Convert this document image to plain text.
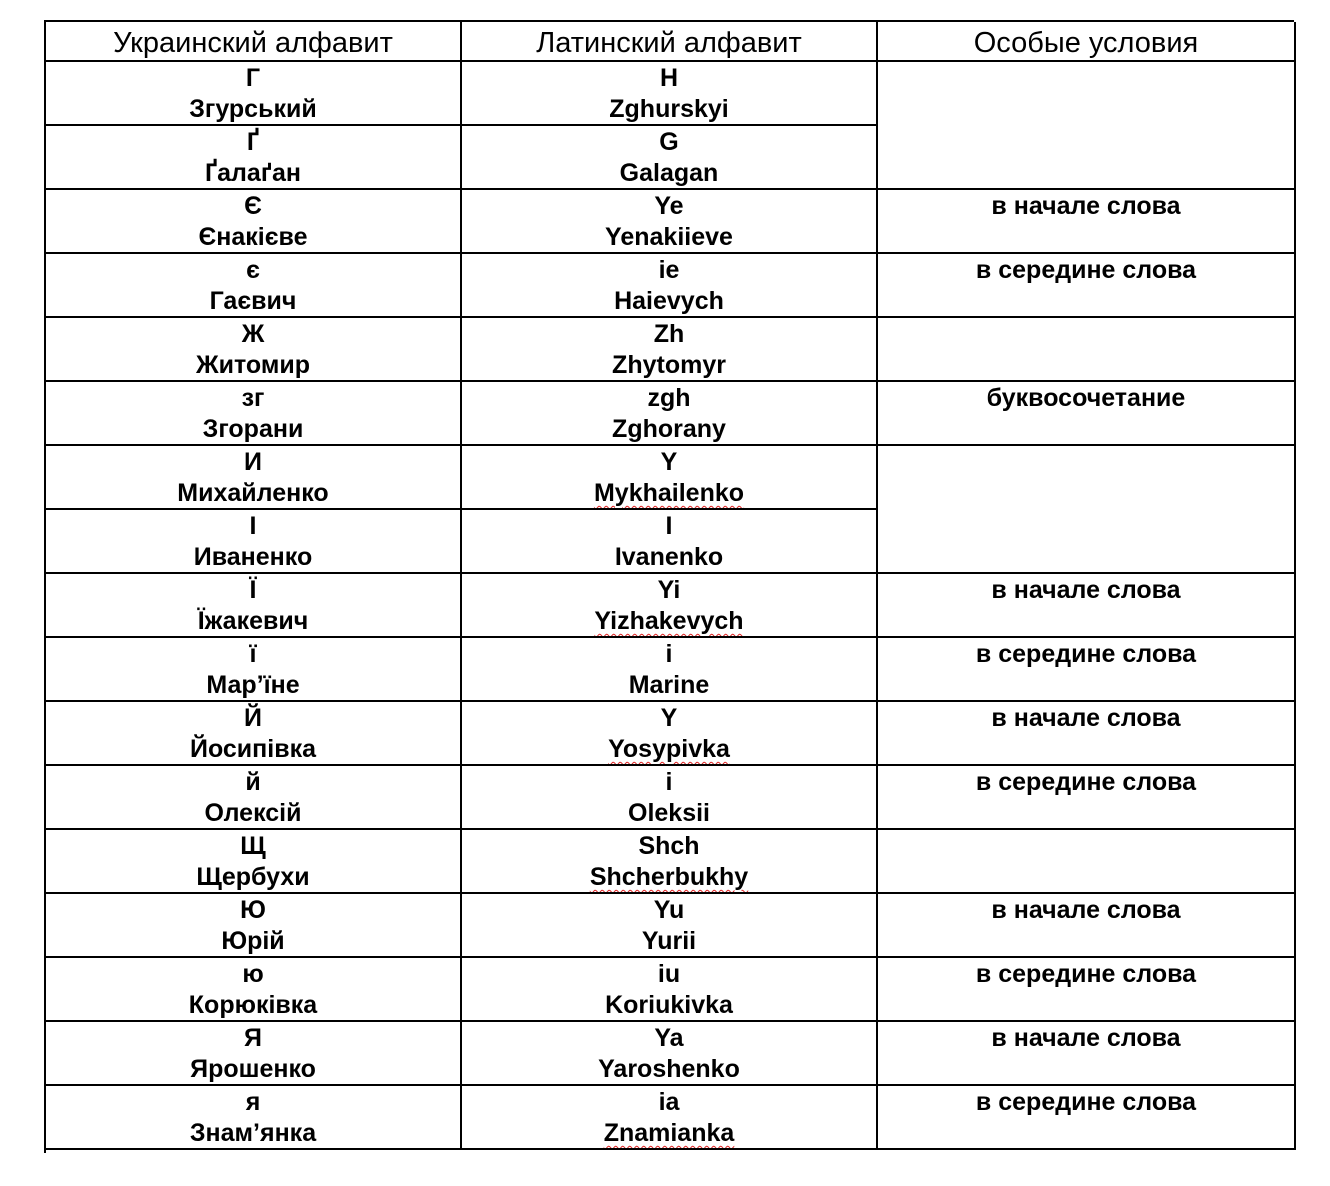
Украинский алфавит	Латинский алфавит	Особые условия
Г
Згурський
H
Zghurskyi
Ґ
Ґалаґан
G
Galagan
Є
Єнакієве
Ye
Yenakiieve
в начале слова
є
Гаєвич
ie
Haievych
в середине слова
Ж
Житомир
Zh
Zhytomyr
зг
Згорани
zgh
Zghorany
буквосочетание
И
Михайленко
Y
Mykhailenko
І
Иваненко
I
Ivanenko
Ї
Їжакевич
Yi
Yizhakevych
в начале слова
ї
Мар’їне
i
Marine
в середине слова
Й
Йосипівка
Y
Yosypivka
в начале слова
й
Олексій
i
Oleksii
в середине слова
Щ
Щербухи
Shch
Shcherbukhy
Ю
Юрій
Yu
Yurii
в начале слова
ю
Корюківка
iu
Koriukivka
в середине слова
Я
Ярошенко
Ya
Yaroshenko
в начале слова
я
Знам’янка
ia
Znamianka
в середине слова
